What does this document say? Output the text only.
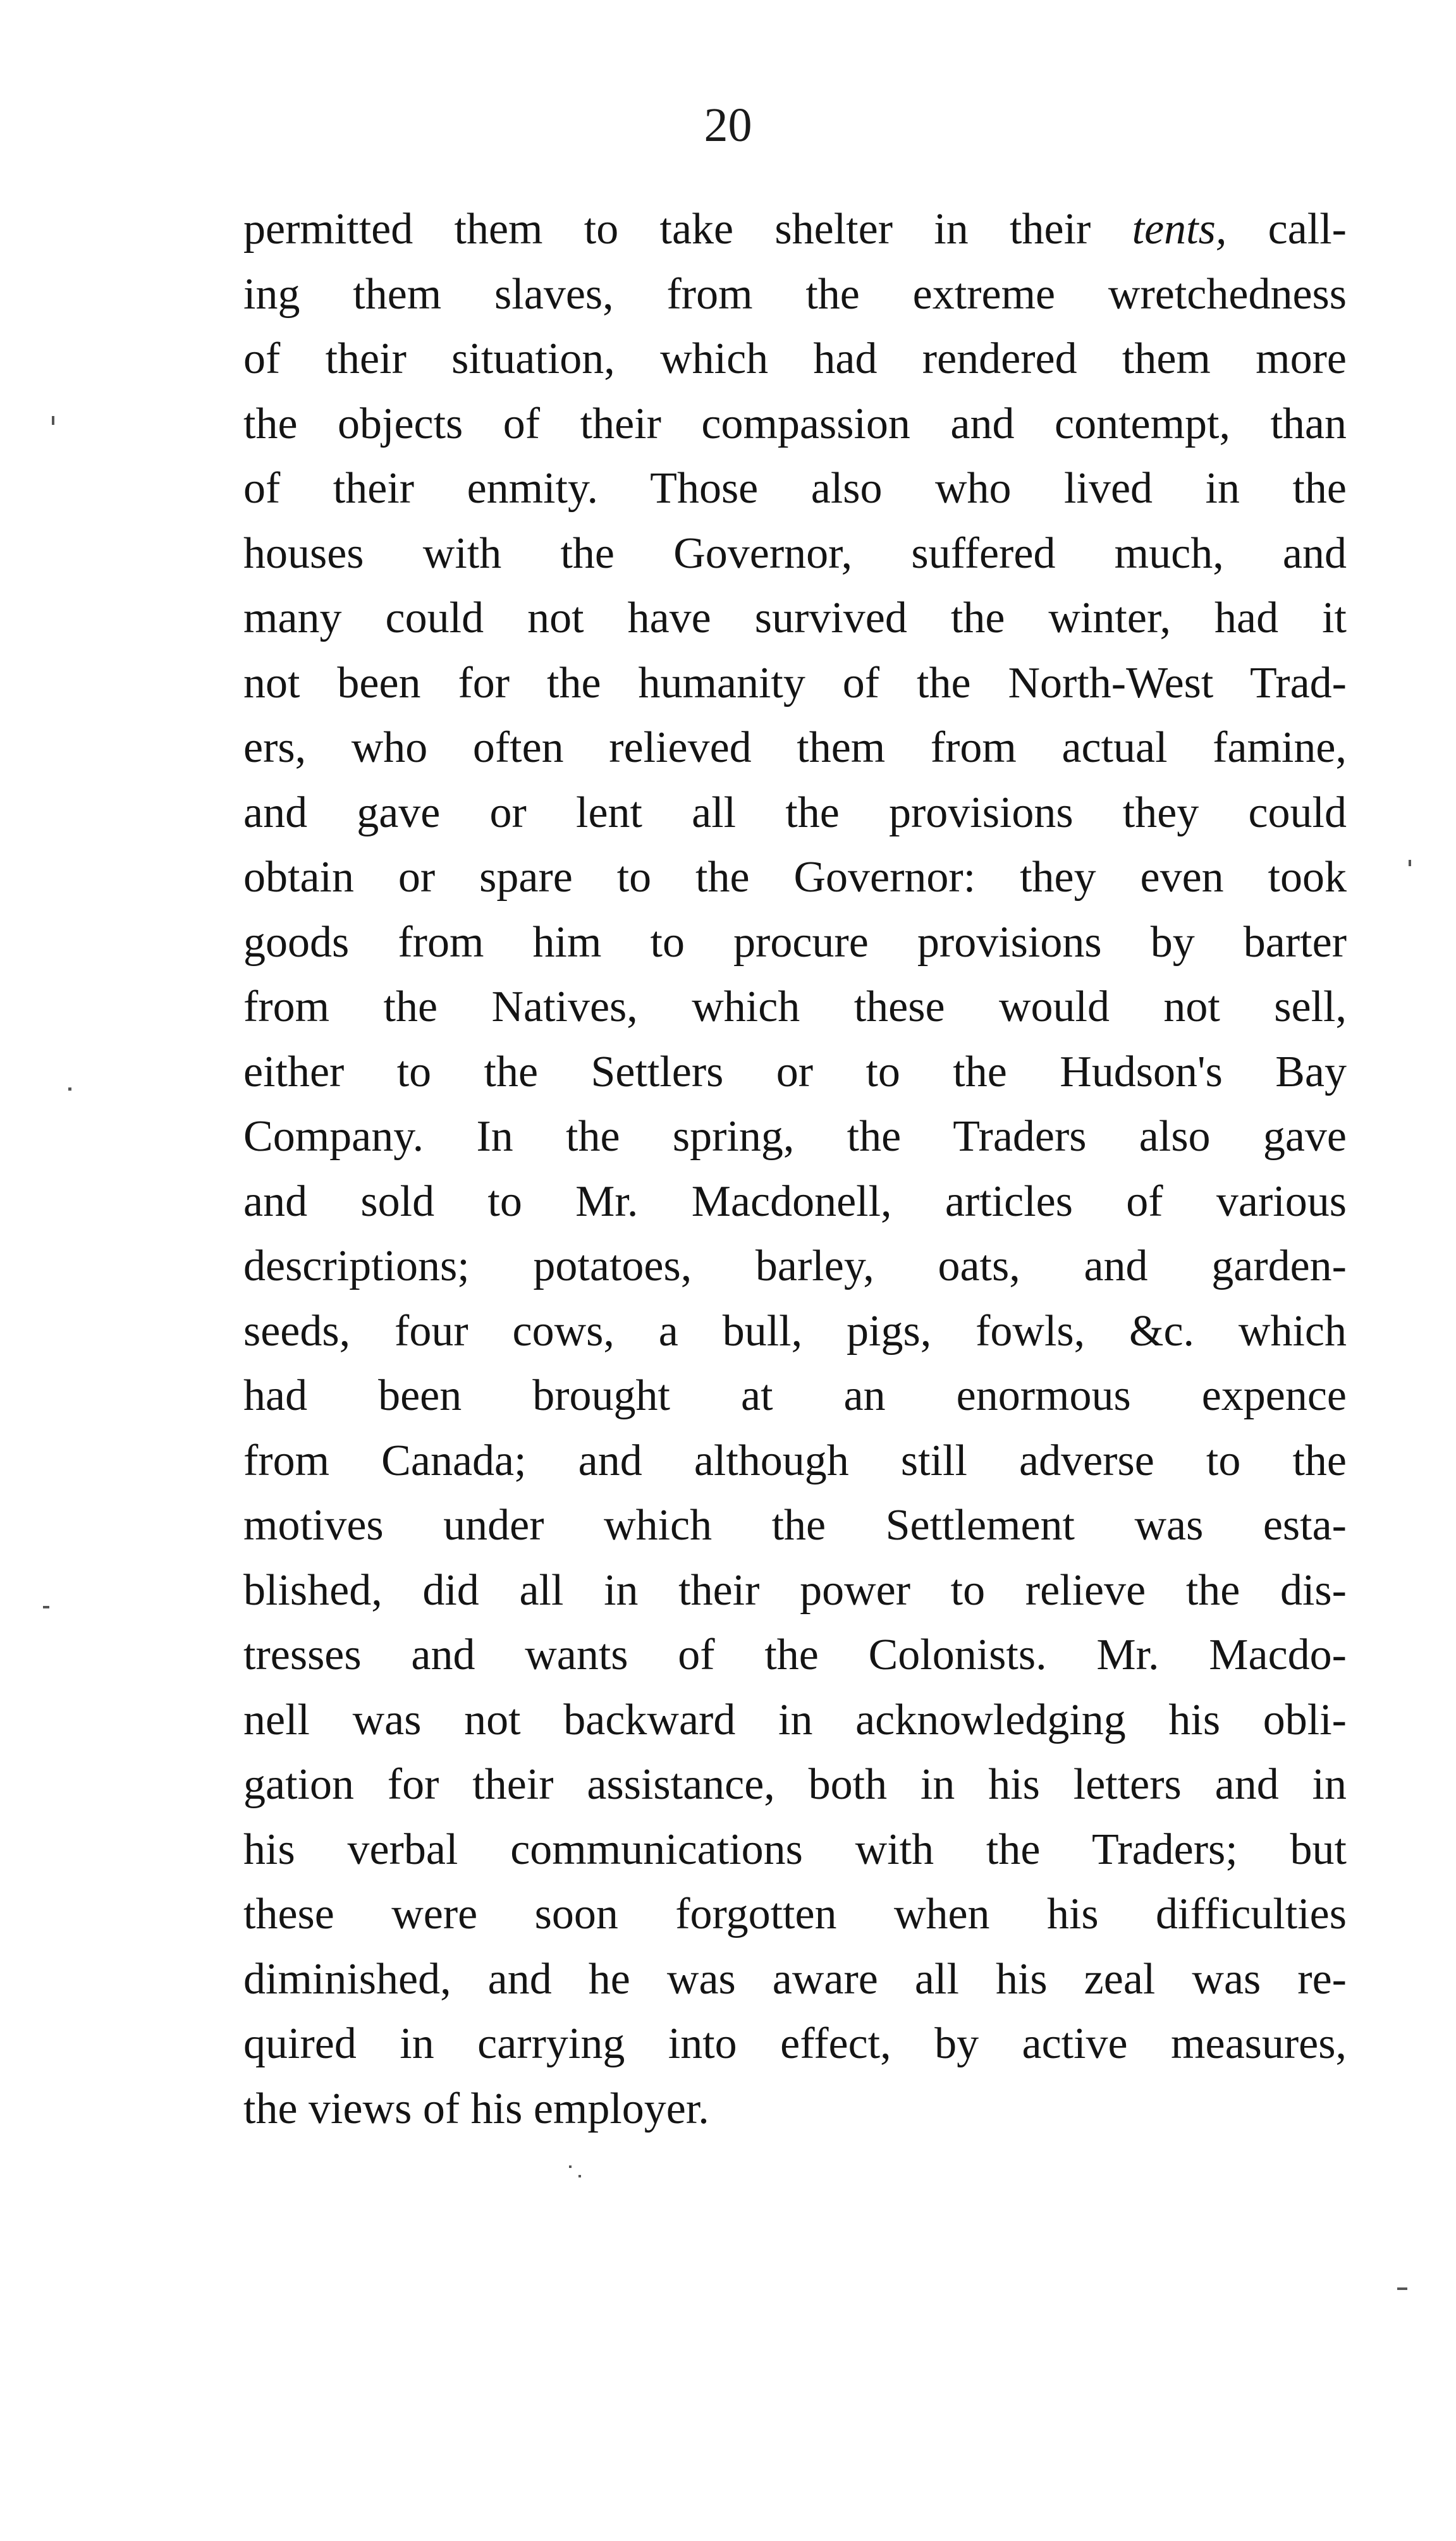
20
permitted them to take shelter in their tents, call-
ing them slaves, from the extreme wretchedness
of their situation, which had rendered them more
the objects of their compassion and contempt, than
of their enmity. Those also who lived in the
houses with the Governor, suffered much, and
many could not have survived the winter, had it
not been for the humanity of the North-West Trad-
ers, who often relieved them from actual famine,
and gave or lent all the provisions they could
obtain or spare to the Governor: they even took
goods from him to procure provisions by barter
from the Natives, which these would not sell,
either to the Settlers or to the Hudson's Bay
Company. In the spring, the Traders also gave
and sold to Mr. Macdonell, articles of various
descriptions; potatoes, barley, oats, and garden-
seeds, four cows, a bull, pigs, fowls, &c. which
had been brought at an enormous expence
from Canada; and although still adverse to the
motives under which the Settlement was esta-
blished, did all in their power to relieve the dis-
tresses and wants of the Colonists. Mr. Macdo-
nell was not backward in acknowledging his obli-
gation for their assistance, both in his letters and in
his verbal communications with the Traders; but
these were soon forgotten when his difficulties
diminished, and he was aware all his zeal was re-
quired in carrying into effect, by active measures,
the views of his employer.
